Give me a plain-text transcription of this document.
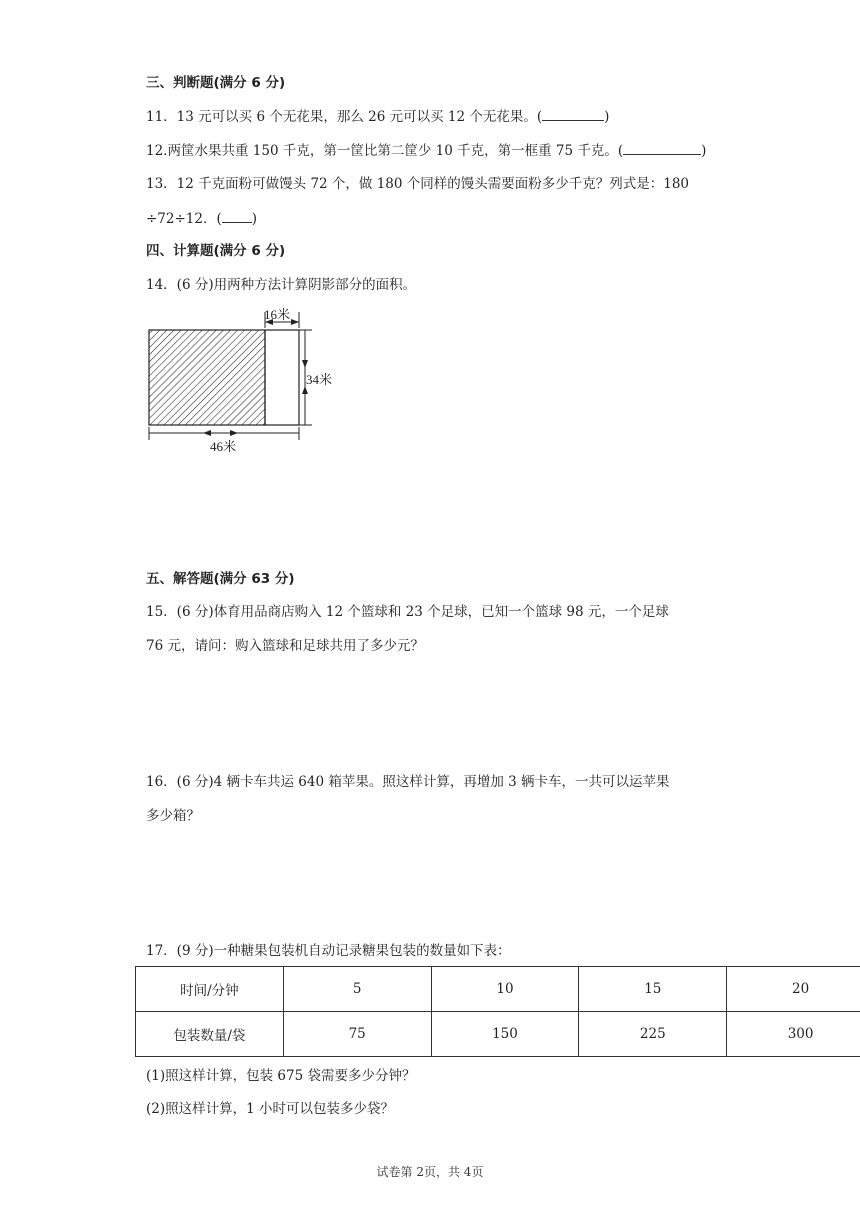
三、判断题(满分 6 分)
11．13 元可以买 6 个无花果，那么 26 元可以买 12 个无花果。(	)
12.两筐水果共重 150 千克，第一筐比第二筐少 10 千克，第一框重 75 千克。(	)
13．12 千克面粉可做馒头 72 个，做 180 个同样的馒头需要面粉多少千克？列式是：180
÷72÷12．( )
四、计算题(满分 6 分)
14．(6 分)用两种方法计算阴影部分的面积。
16米
34米
46米
五、解答题(满分 63 分)
15．(6 分)体育用品商店购入 12 个篮球和 23 个足球，已知一个篮球 98 元，一个足球
76 元，请问：购入篮球和足球共用了多少元？
16．(6 分)4 辆卡车共运 640 箱苹果。照这样计算，再增加 3 辆卡车，一共可以运苹果
多少箱？
17．(9 分)一种糖果包装机自动记录糖果包装的数量如下表：
时间/分钟	5	10	15	20
包装数量/袋	75	150	225	300
(1)照这样计算，包装 675 袋需要多少分钟？
(2)照这样计算，1 小时可以包装多少袋？
试卷第 2页，共 4页
